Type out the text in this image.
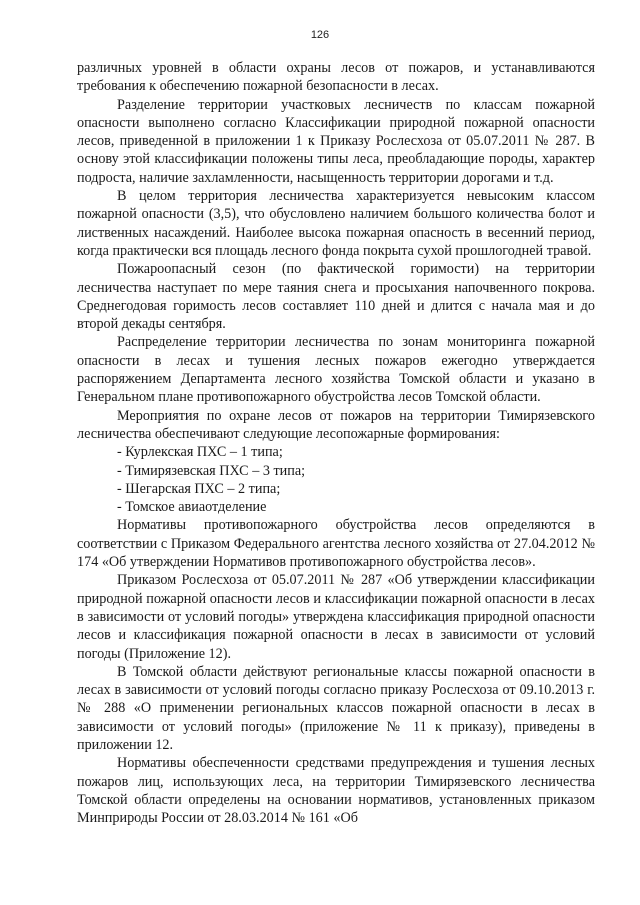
126

различных уровней в области охраны лесов от пожаров, и устанавливаются требования к обеспечению пожарной безопасности в лесах.

Разделение территории участковых лесничеств по классам пожарной опасности выполнено согласно Классификации природной пожарной опасности лесов, приведенной в приложении 1 к Приказу Рослесхоза от 05.07.2011 № 287. В основу этой классификации положены типы леса, преобладающие породы, характер подроста, наличие захламленности, насыщенность территории дорогами и т.д.

В целом территория лесничества характеризуется невысоким классом пожарной опасности (3,5), что обусловлено наличием большого количества болот и лиственных насаждений. Наиболее высока пожарная опасность в весенний период, когда практически вся площадь лесного фонда покрыта сухой прошлогодней травой.

Пожароопасный сезон (по фактической горимости) на территории лесничества наступает по мере таяния снега и просыхания напочвенного покрова. Среднегодовая горимость лесов составляет 110 дней и длится с начала мая и до второй декады сентября.

Распределение территории лесничества по зонам мониторинга пожарной опасности в лесах и тушения лесных пожаров ежегодно утверждается распоряжением Департамента лесного хозяйства Томской области и указано в Генеральном плане противопожарного обустройства лесов Томской области.

Мероприятия по охране лесов от пожаров на территории Тимирязевского лесничества обеспечивают следующие лесопожарные формирования:

- Курлекская ПХС – 1 типа;
- Тимирязевская ПХС – 3 типа;
- Шегарская ПХС – 2 типа;
- Томское авиаотделение

Нормативы противопожарного обустройства лесов определяются в соответствии с Приказом Федерального агентства лесного хозяйства от 27.04.2012 № 174 «Об утверждении Нормативов противопожарного обустройства лесов».

Приказом Рослесхоза от 05.07.2011 № 287 «Об утверждении классификации природной пожарной опасности лесов и классификации пожарной опасности в лесах в зависимости от условий погоды» утверждена классификация природной опасности лесов и классификация пожарной опасности в лесах в зависимости от условий погоды (Приложение 12).

В Томской области действуют региональные классы пожарной опасности в лесах в зависимости от условий погоды согласно приказу Рослесхоза от 09.10.2013 г. № 288 «О применении региональных классов пожарной опасности в лесах в зависимости от условий погоды» (приложение № 11 к приказу), приведены в приложении 12.

Нормативы обеспеченности средствами предупреждения и тушения лесных пожаров лиц, использующих леса, на территории Тимирязевского лесничества Томской области определены на основании нормативов, установленных приказом Минприроды России от 28.03.2014 № 161 «Об
